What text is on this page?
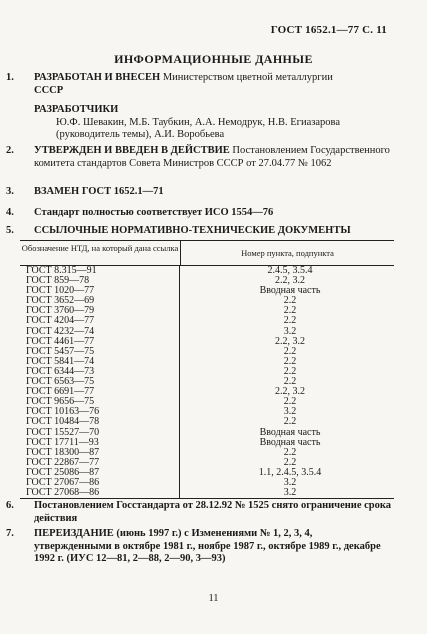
ГОСТ 1652.1—77 С. 11
ИНФОРМАЦИОННЫЕ ДАННЫЕ
1. РАЗРАБОТАН И ВНЕСЕН Министерством цветной металлургии
СССР
РАЗРАБОТЧИКИ
Ю.Ф. Шевакин, М.Б. Таубкин, А.А. Немодрук, Н.В. Егиазарова (руководитель темы), А.И. Воробьева
2. УТВЕРЖДЕН И ВВЕДЕН В ДЕЙСТВИЕ Постановлением Государственного комитета стандартов Совета Министров СССР от 27.04.77 № 1062
3. ВЗАМЕН ГОСТ 1652.1—71
4. Стандарт полностью соответствует ИСО 1554—76
5. ССЫЛОЧНЫЕ НОРМАТИВНО-ТЕХНИЧЕСКИЕ ДОКУМЕНТЫ
Обозначение НТД, на который дана ссылка	Номер пункта, подпункта
ГОСТ 8.315—91	2.4.5, 3.5.4
ГОСТ 859—78	2.2, 3.2
ГОСТ 1020—77	Вводная часть
ГОСТ 3652—69	2.2
ГОСТ 3760—79	2.2
ГОСТ 4204—77	2.2
ГОСТ 4232—74	3.2
ГОСТ 4461—77	2.2, 3.2
ГОСТ 5457—75	2.2
ГОСТ 5841—74	2.2
ГОСТ 6344—73	2.2
ГОСТ 6563—75	2.2
ГОСТ 6691—77	2.2, 3.2
ГОСТ 9656—75	2.2
ГОСТ 10163—76	3.2
ГОСТ 10484—78	2.2
ГОСТ 15527—70	Вводная часть
ГОСТ 17711—93	Вводная часть
ГОСТ 18300—87	2.2
ГОСТ 22867—77	2.2
ГОСТ 25086—87	1.1, 2.4.5, 3.5.4
ГОСТ 27067—86	3.2
ГОСТ 27068—86	3.2
6. Постановлением Госстандарта от 28.12.92 № 1525 снято ограничение срока действия
7. ПЕРЕИЗДАНИЕ (июнь 1997 г.) с Изменениями № 1, 2, 3, 4, утвержденными в октябре 1981 г., ноябре 1987 г., октябре 1989 г., декабре 1992 г. (ИУС 12—81, 2—88, 2—90, 3—93)
11
